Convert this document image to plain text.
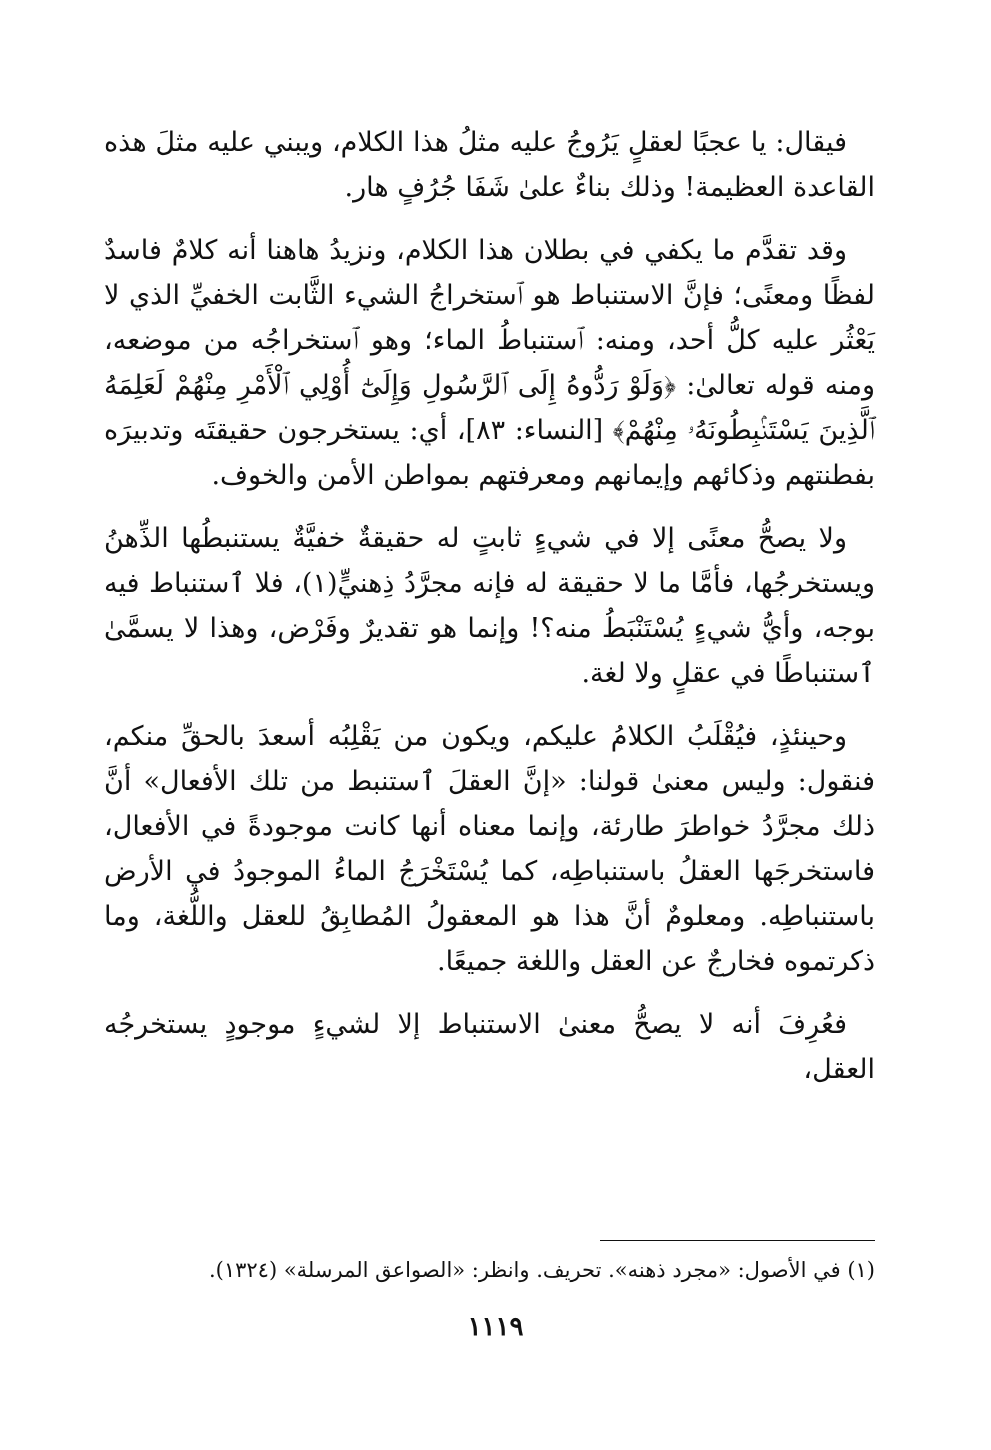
فيقال: يا عجبًا لعقلٍ يَرُوجُ عليه مثلُ هذا الكلام، ويبني عليه مثلَ هذه القاعدة العظيمة! وذلك بناءٌ علىٰ شَفَا جُرُفٍ هار.

وقد تقدَّم ما يكفي في بطلان هذا الكلام، ونزيدُ هاهنا أنه كلامٌ فاسدٌ لفظًا ومعنًى؛ فإنَّ الاستنباط هو ٱستخراجُ الشيء الثَّابت الخفيِّ الذي لا يَعْثُر عليه كلُّ أحد، ومنه: ٱستنباطُ الماء؛ وهو ٱستخراجُه من موضعه، ومنه قوله تعالىٰ: ﴿وَلَوْ رَدُّوهُ إِلَى ٱلرَّسُولِ وَإِلَىٰٓ أُوْلِي ٱلْأَمْرِ مِنْهُمْ لَعَلِمَهُ ٱلَّذِينَ يَسْتَنۢبِطُونَهُۥ مِنْهُمْ﴾ [النساء: ٨٣]، أي: يستخرجون حقيقتَه وتدبيرَه بفطنتهم وذكائهم وإيمانهم ومعرفتهم بمواطن الأمن والخوف.

ولا يصحُّ معنًى إلا في شيءٍ ثابتٍ له حقيقةٌ خفيَّةٌ يستنبطُها الذِّهنُ ويستخرجُها، فأمَّا ما لا حقيقة له فإنه مجرَّدُ ذِهنيٍّ(١)، فلا ٱستنباط فيه بوجه، وأيُّ شيءٍ يُسْتَنْبَطُ منه؟! وإنما هو تقديرٌ وفَرْض، وهذا لا يسمَّىٰ ٱستنباطًا في عقلٍ ولا لغة.

وحينئذٍ، فيُقْلَبُ الكلامُ عليكم، ويكون من يَقْلِبُه أسعدَ بالحقِّ منكم، فنقول: وليس معنىٰ قولنا: «إنَّ العقلَ ٱستنبط من تلك الأفعال» أنَّ ذلك مجرَّدُ خواطرَ طارئة، وإنما معناه أنها كانت موجودةً في الأفعال، فاستخرجَها العقلُ باستنباطِه، كما يُسْتَخْرَجُ الماءُ الموجودُ في الأرض باستنباطِه. ومعلومٌ أنَّ هذا هو المعقولُ المُطابِقُ للعقل واللُّغة، وما ذكرتموه فخارجٌ عن العقل واللغة جميعًا.

فعُرِفَ أنه لا يصحُّ معنىٰ الاستنباط إلا لشيءٍ موجودٍ يستخرجُه العقل،

(١) في الأصول: «مجرد ذهنه». تحريف. وانظر: «الصواعق المرسلة» (١٣٢٤).
١١١٩
